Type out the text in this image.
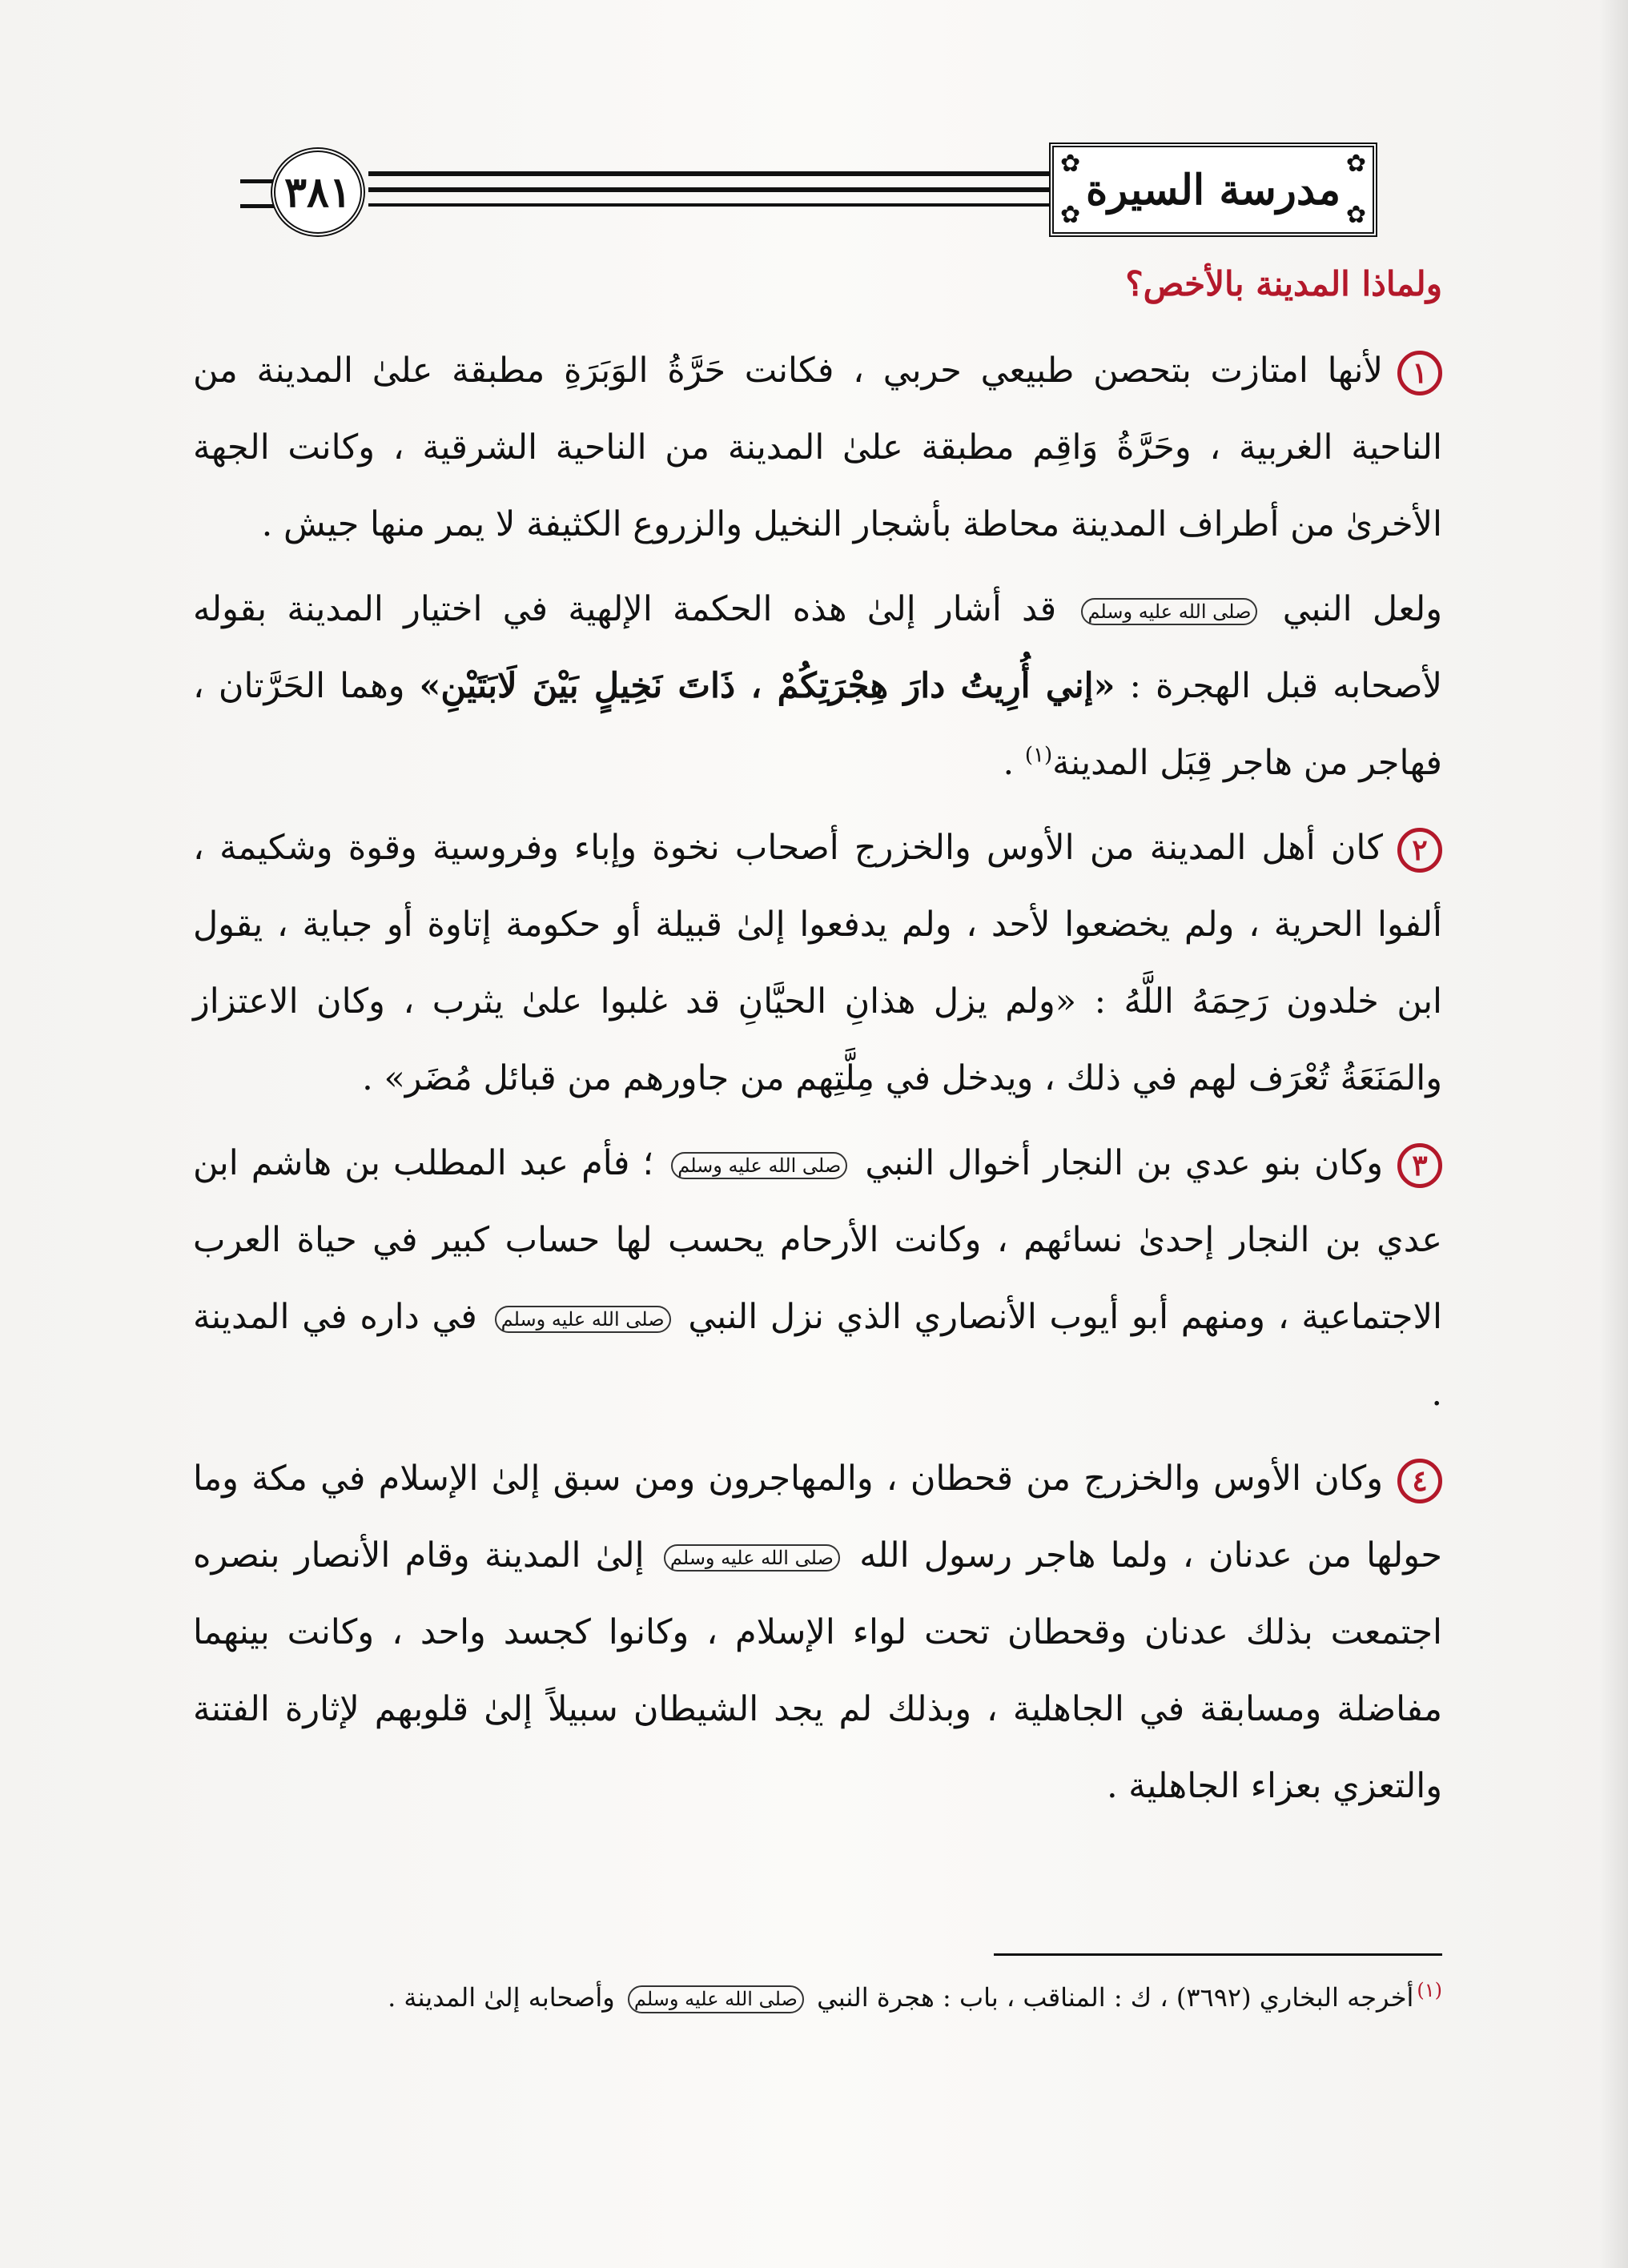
٣٨١
✿	✿
✿	✿
مدرسة السيرة
ولماذا المدينة بالأخص؟

١لأنها امتازت بتحصن طبيعي حربي ، فكانت حَرَّةُ الوَبَرَةِ مطبقة علىٰ المدينة من الناحية الغربية ، وحَرَّةُ وَاقِم مطبقة علىٰ المدينة من الناحية الشرقية ، وكانت الجهة الأخرىٰ من أطراف المدينة محاطة بأشجار النخيل والزروع الكثيفة لا يمر منها جيش .

ولعل النبي صلى الله عليه وسلم قد أشار إلىٰ هذه الحكمة الإلهية في اختيار المدينة بقوله لأصحابه قبل الهجرة : «إني أُرِيتُ دارَ هِجْرَتِكُمْ ، ذَاتَ نَخِيلٍ بَيْنَ لَابَتَيْنِ» وهما الحَرَّتان ، فهاجر من هاجر قِبَل المدينة$^{(١)}$ .

٢كان أهل المدينة من الأوس والخزرج أصحاب نخوة وإباء وفروسية وقوة وشكيمة ، ألفوا الحرية ، ولم يخضعوا لأحد ، ولم يدفعوا إلىٰ قبيلة أو حكومة إتاوة أو جباية ، يقول ابن خلدون رَحِمَهُ اللَّهُ : «ولم يزل هذانِ الحيَّانِ قد غلبوا علىٰ يثرب ، وكان الاعتزاز والمَنَعَةُ تُعْرَف لهم في ذلك ، ويدخل في مِلَّتِهم من جاورهم من قبائل مُضَر» .

٣وكان بنو عدي بن النجار أخوال النبي صلى الله عليه وسلم ؛ فأم عبد المطلب بن هاشم ابن عدي بن النجار إحدىٰ نسائهم ، وكانت الأرحام يحسب لها حساب كبير في حياة العرب الاجتماعية ، ومنهم أبو أيوب الأنصاري الذي نزل النبي صلى الله عليه وسلم في داره في المدينة .

٤وكان الأوس والخزرج من قحطان ، والمهاجرون ومن سبق إلىٰ الإسلام في مكة وما حولها من عدنان ، ولما هاجر رسول الله صلى الله عليه وسلم إلىٰ المدينة وقام الأنصار بنصره اجتمعت بذلك عدنان وقحطان تحت لواء الإسلام ، وكانوا كجسد واحد ، وكانت بينهما مفاضلة ومسابقة في الجاهلية ، وبذلك لم يجد الشيطان سبيلاً إلىٰ قلوبهم لإثارة الفتنة والتعزي بعزاء الجاهلية .

$^{(١)}$أخرجه البخاري (٣٦٩٢) ، ك : المناقب ، باب : هجرة النبي صلى الله عليه وسلم وأصحابه إلىٰ المدينة .
